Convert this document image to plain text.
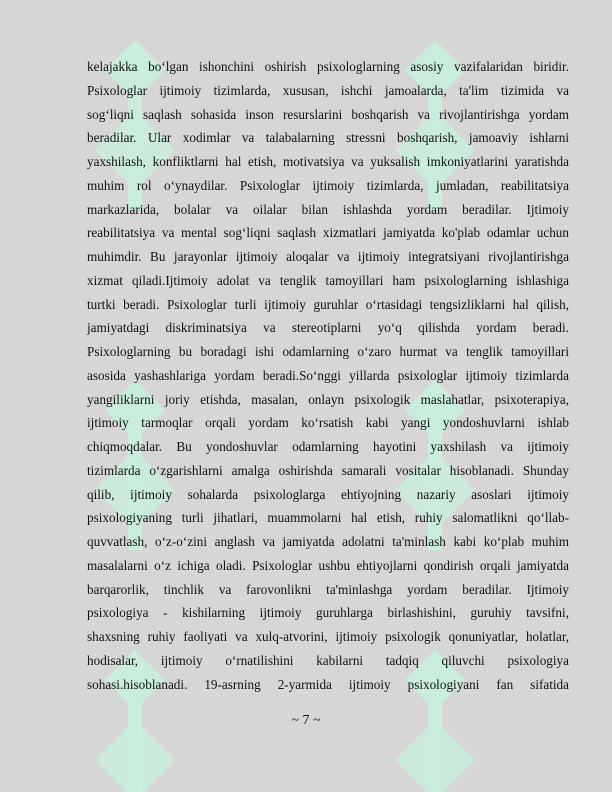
kelajakka bo‘lgan ishonchini oshirish psixologlarning asosiy vazifalaridan biridir.
Psixologlar ijtimoiy tizimlarda, xususan, ishchi jamoalarda, ta'lim tizimida va
sog‘liqni saqlash sohasida inson resurslarini boshqarish va rivojlantirishga yordam
beradilar. Ular xodimlar va talabalarning stressni boshqarish, jamoaviy ishlarni
yaxshilash, konfliktlarni hal etish, motivatsiya va yuksalish imkoniyatlarini yaratishda
muhim rol o‘ynaydilar. Psixologlar ijtimoiy tizimlarda, jumladan, reabilitatsiya
markazlarida, bolalar va oilalar bilan ishlashda yordam beradilar. Ijtimoiy
reabilitatsiya va mental sog‘liqni saqlash xizmatlari jamiyatda ko'plab odamlar uchun
muhimdir. Bu jarayonlar ijtimoiy aloqalar va ijtimoiy integratsiyani rivojlantirishga
xizmat qiladi.Ijtimoiy adolat va tenglik tamoyillari ham psixologlarning ishlashiga
turtki beradi. Psixologlar turli ijtimoiy guruhlar o‘rtasidagi tengsizliklarni hal qilish,
jamiyatdagi diskriminatsiya va stereotiplarni yo‘q qilishda yordam beradi.
Psixologlarning bu boradagi ishi odamlarning o‘zaro hurmat va tenglik tamoyillari
asosida yashashlariga yordam beradi.So‘nggi yillarda psixologlar ijtimoiy tizimlarda
yangiliklarni joriy etishda, masalan, onlayn psixologik maslahatlar, psixoterapiya,
ijtimoiy tarmoqlar orqali yordam ko‘rsatish kabi yangi yondoshuvlarni ishlab
chiqmoqdalar. Bu yondoshuvlar odamlarning hayotini yaxshilash va ijtimoiy
tizimlarda o‘zgarishlarni amalga oshirishda samarali vositalar hisoblanadi. Shunday
qilib, ijtimoiy sohalarda psixologlarga ehtiyojning nazariy asoslari ijtimoiy
psixologiyaning turli jihatlari, muammolarni hal etish, ruhiy salomatlikni qo‘llab-
quvvatlash, o‘z-o‘zini anglash va jamiyatda adolatni ta'minlash kabi ko‘plab muhim
masalalarni o‘z ichiga oladi. Psixologlar ushbu ehtiyojlarni qondirish orqali jamiyatda
barqarorlik, tinchlik va farovonlikni ta'minlashga yordam beradilar. Ijtimoiy
psixologiya - kishilarning ijtimoiy guruhlarga birlashishini, guruhiy tavsifni,
shaxsning ruhiy faoliyati va xulq-atvorini, ijtimoiy psixologik qonuniyatlar, holatlar,
hodisalar, ijtimoiy o‘rnatilishini kabilarni tadqiq qiluvchi psixologiya
sohasi.hisoblanadi. 19-asrning 2-yarmida ijtimoiy psixologiyani fan sifatida
~ 7 ~
